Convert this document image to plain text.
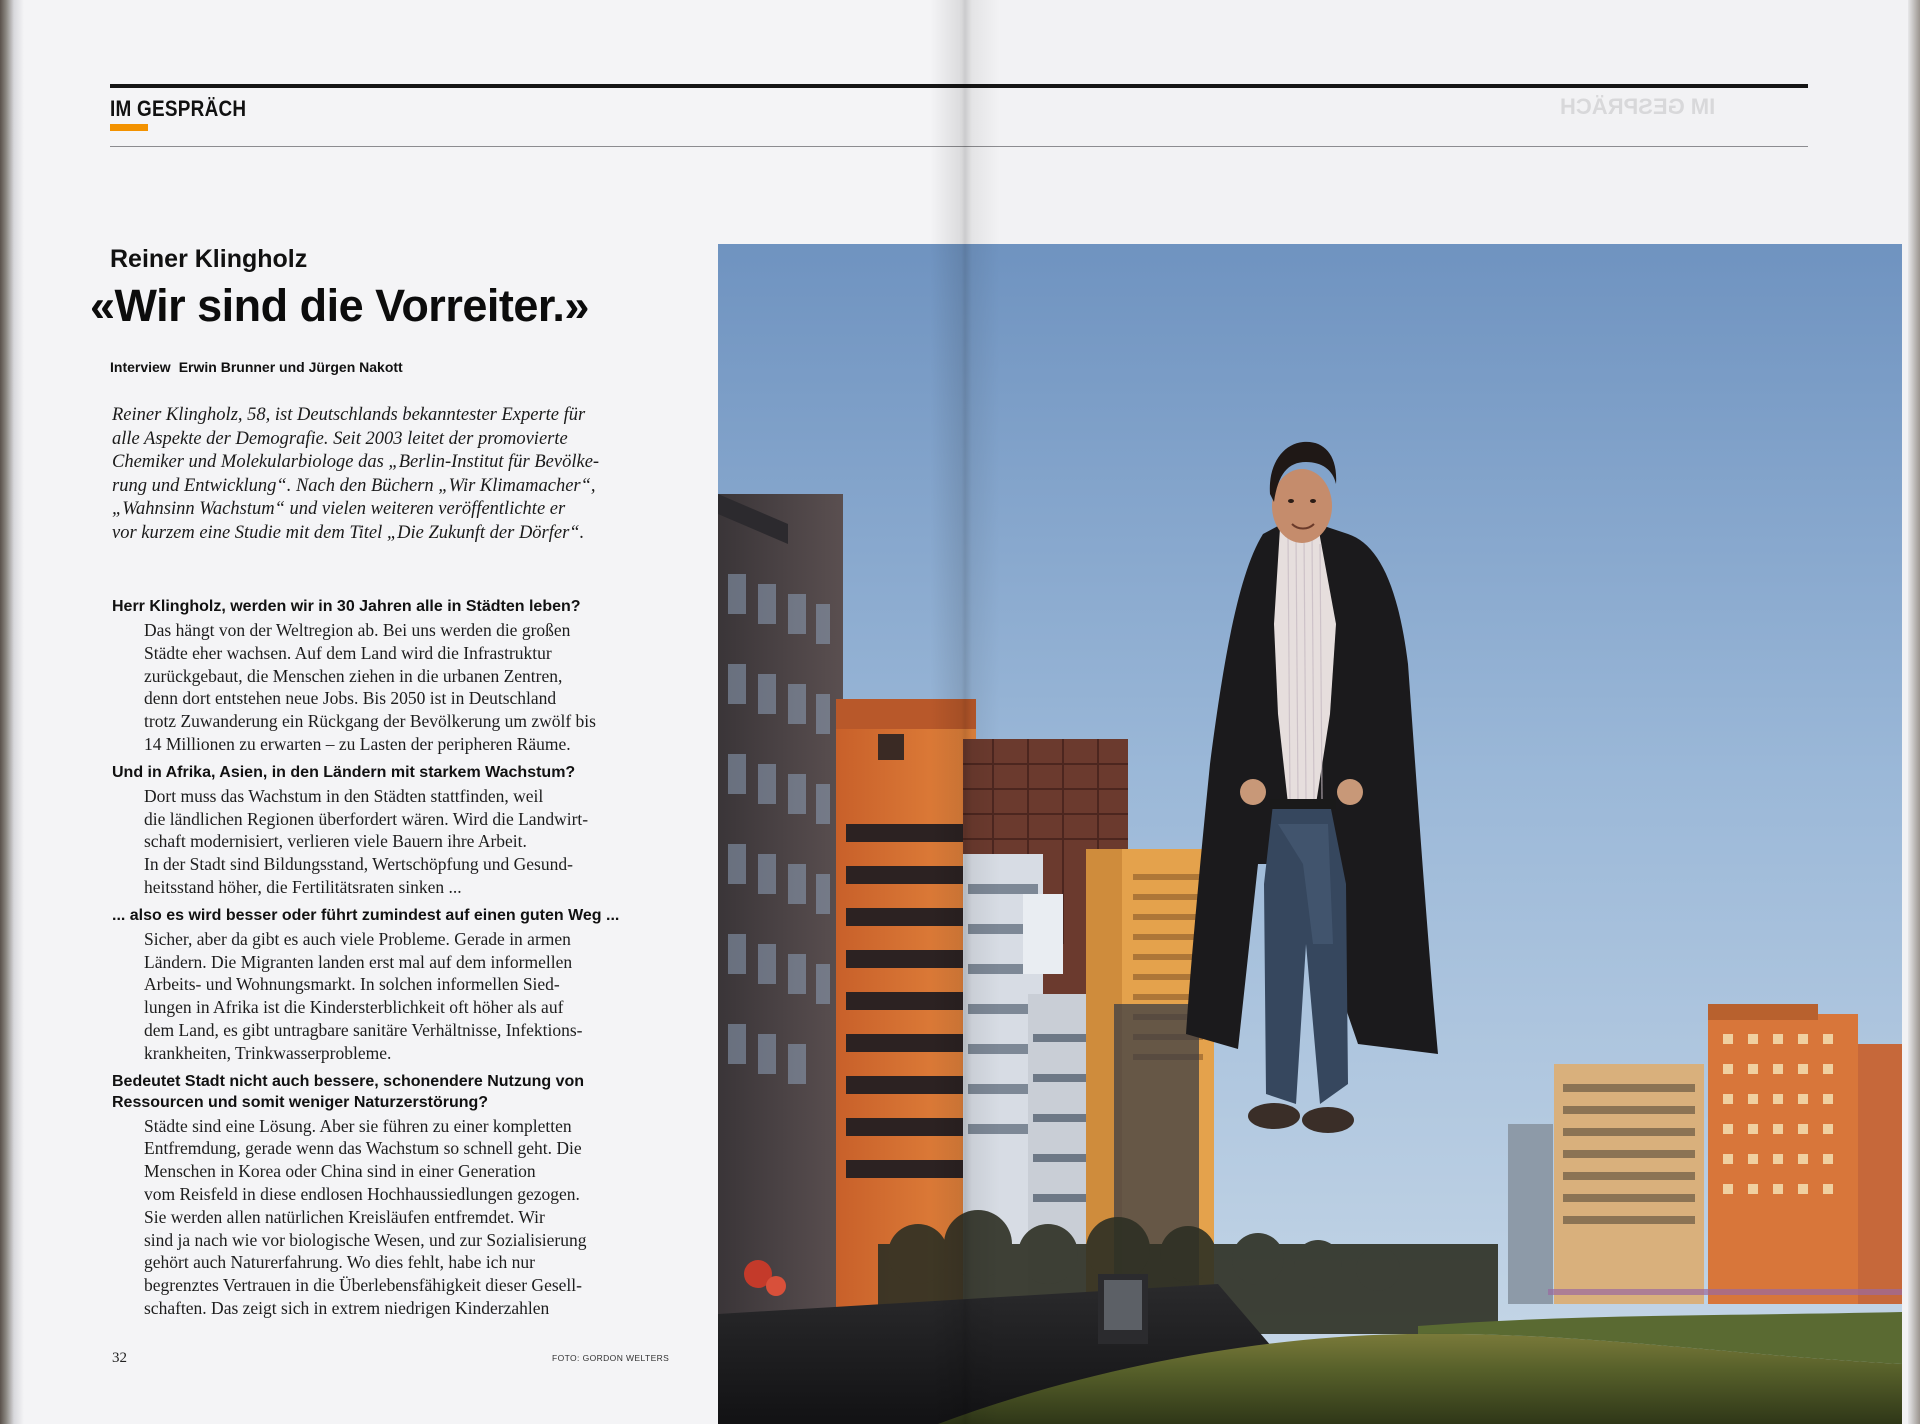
IM GESPRÄCH	IM GESPRÄCH
Reiner Klingholz
«Wir sind die Vorreiter.»
Interview Erwin Brunner und Jürgen Nakott
Reiner Klingholz, 58, ist Deutschlands bekanntester Experte für
alle Aspekte der Demografie. Seit 2003 leitet der promovierte
Chemiker und Molekularbiologe das „Berlin-Institut für Bevölke-
rung und Entwicklung“. Nach den Büchern „Wir Klimamacher“,
„Wahnsinn Wachstum“ und vielen weiteren veröffentlichte er
vor kurzem eine Studie mit dem Titel „Die Zukunft der Dörfer“.
Herr Klingholz, werden wir in 30 Jahren alle in Städten leben?
Das hängt von der Weltregion ab. Bei uns werden die großen
Städte eher wachsen. Auf dem Land wird die Infrastruktur
zurückgebaut, die Menschen ziehen in die urbanen Zentren,
denn dort entstehen neue Jobs. Bis 2050 ist in Deutschland
trotz Zuwanderung ein Rückgang der Bevölkerung um zwölf bis
14 Millionen zu erwarten – zu Lasten der peripheren Räume.
Und in Afrika, Asien, in den Ländern mit starkem Wachstum?
Dort muss das Wachstum in den Städten stattfinden, weil
die ländlichen Regionen überfordert wären. Wird die Landwirt-
schaft modernisiert, verlieren viele Bauern ihre Arbeit.
In der Stadt sind Bildungsstand, Wertschöpfung und Gesund-
heitsstand höher, die Fertilitätsraten sinken ...
... also es wird besser oder führt zumindest auf einen guten Weg ...
Sicher, aber da gibt es auch viele Probleme. Gerade in armen
Ländern. Die Migranten landen erst mal auf dem informellen
Arbeits- und Wohnungsmarkt. In solchen informellen Sied-
lungen in Afrika ist die Kindersterblichkeit oft höher als auf
dem Land, es gibt untragbare sanitäre Verhältnisse, Infektions-
krankheiten, Trinkwasserprobleme.
Bedeutet Stadt nicht auch bessere, schonendere Nutzung von
Ressourcen und somit weniger Naturzerstörung?
Städte sind eine Lösung. Aber sie führen zu einer kompletten
Entfremdung, gerade wenn das Wachstum so schnell geht. Die
Menschen in Korea oder China sind in einer Generation
vom Reisfeld in diese endlosen Hochhaussiedlungen gezogen.
Sie werden allen natürlichen Kreisläufen entfremdet. Wir
sind ja nach wie vor biologische Wesen, und zur Sozialisierung
gehört auch Naturerfahrung. Wo dies fehlt, habe ich nur
begrenztes Vertrauen in die Überlebensfähigkeit dieser Gesell-
schaften. Das zeigt sich in extrem niedrigen Kinderzahlen
32	FOTO: GORDON WELTERS
